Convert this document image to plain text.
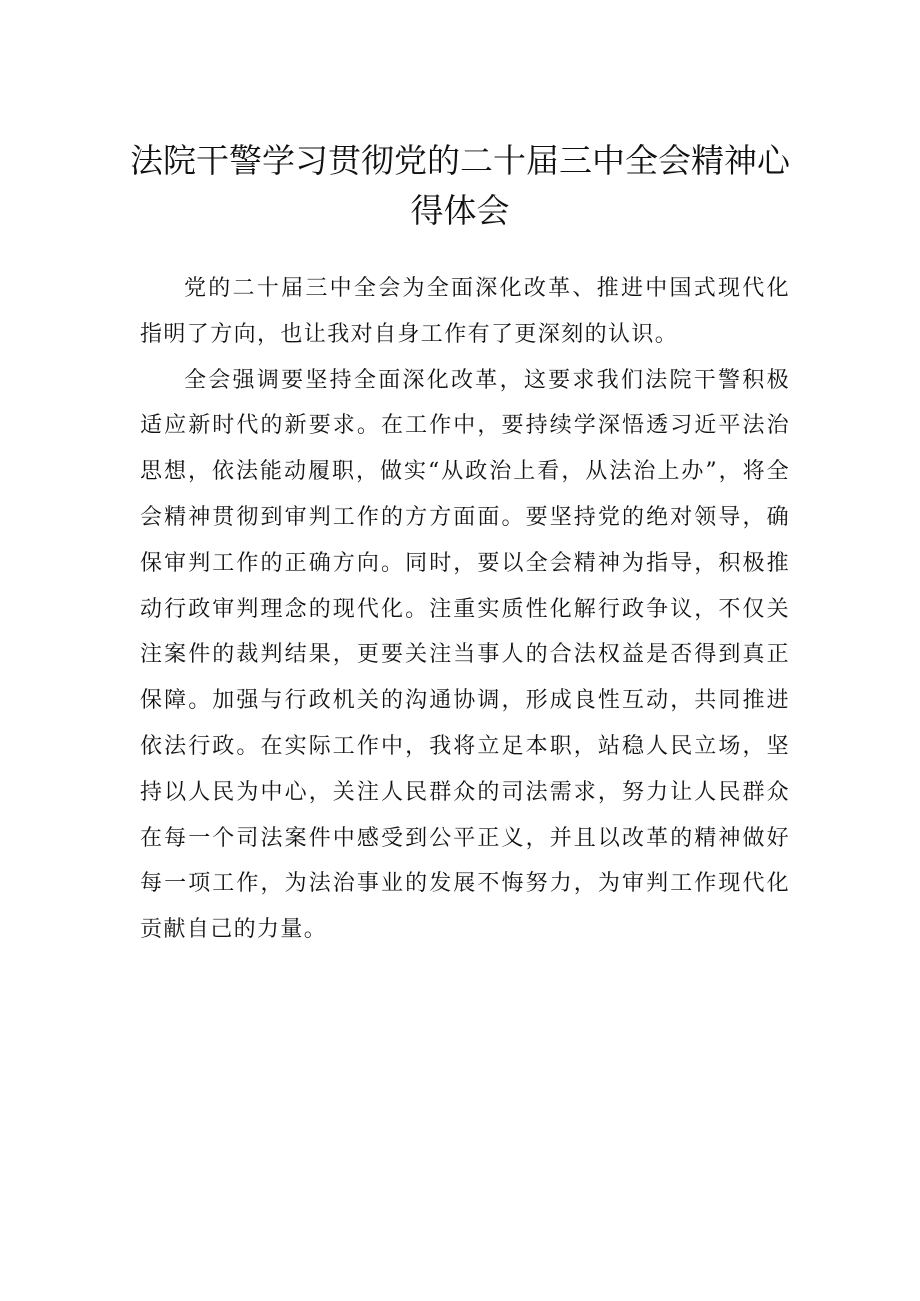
法院干警学习贯彻党的二十届三中全会精神心
得体会

党的二十届三中全会为全面深化改革、推进中国式现代化指明了方向，也让我对自身工作有了更深刻的认识。

全会强调要坚持全面深化改革，这要求我们法院干警积极适应新时代的新要求。在工作中，要持续学深悟透习近平法治思想，依法能动履职，做实“从政治上看，从法治上办”，将全会精神贯彻到审判工作的方方面面。要坚持党的绝对领导，确保审判工作的正确方向。同时，要以全会精神为指导，积极推动行政审判理念的现代化。注重实质性化解行政争议，不仅关注案件的裁判结果，更要关注当事人的合法权益是否得到真正保障。加强与行政机关的沟通协调，形成良性互动，共同推进依法行政。在实际工作中，我将立足本职，站稳人民立场，坚持以人民为中心，关注人民群众的司法需求，努力让人民群众在每一个司法案件中感受到公平正义，并且以改革的精神做好每一项工作，为法治事业的发展不悔努力，为审判工作现代化贡献自己的力量。
